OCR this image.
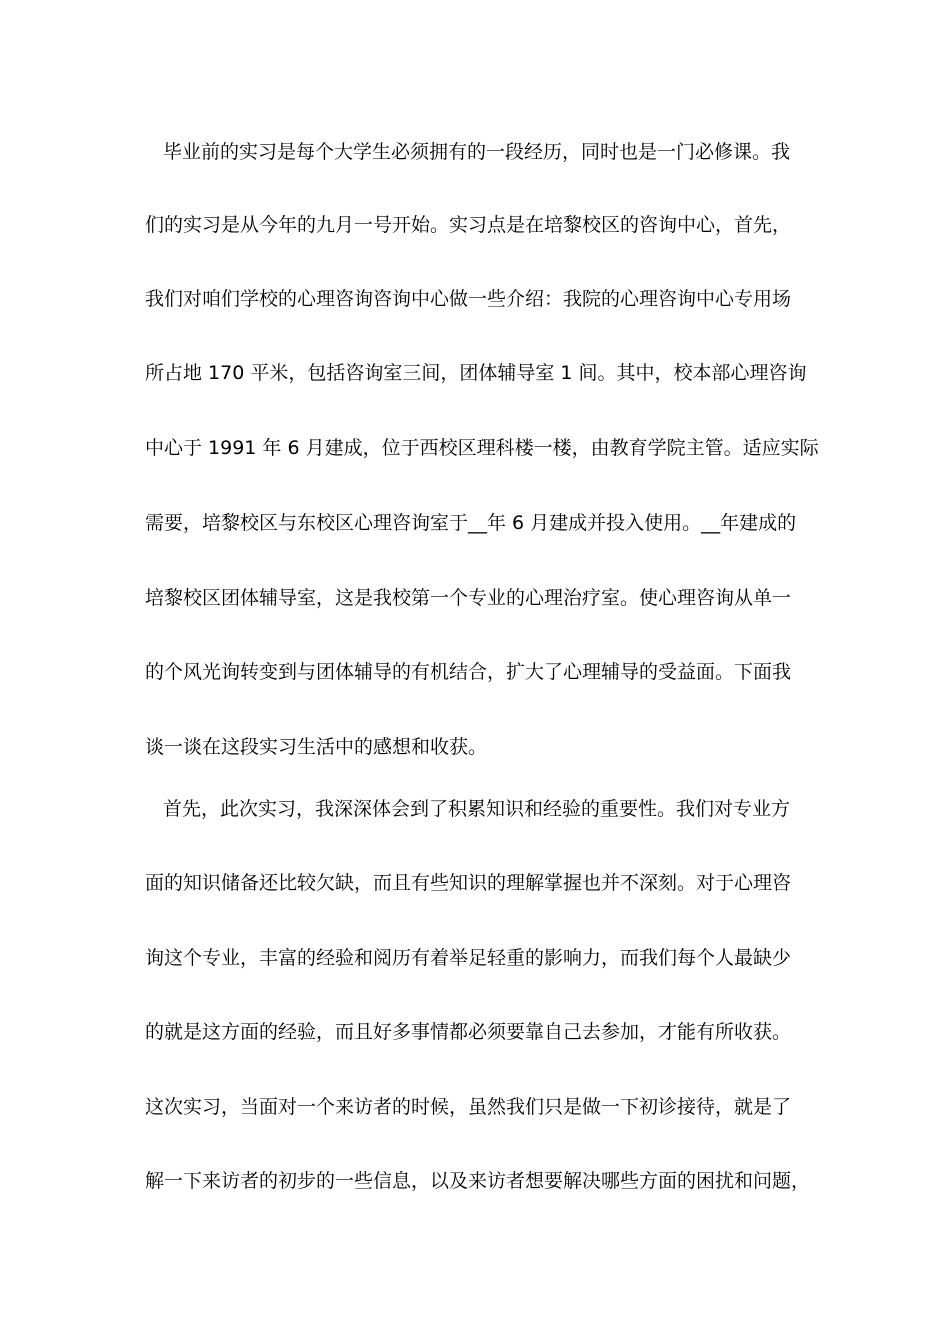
毕业前的实习是每个大学生必须拥有的一段经历，同时也是一门必修课。我
们的实习是从今年的九月一号开始。实习点是在培黎校区的咨询中心，首先，
我们对咱们学校的心理咨询咨询中心做一些介绍：我院的心理咨询中心专用场
所占地 170 平米，包括咨询室三间，团体辅导室 1 间。其中，校本部心理咨询
中心于 1991 年 6 月建成，位于西校区理科楼一楼，由教育学院主管。适应实际
需要，培黎校区与东校区心理咨询室于__年 6 月建成并投入使用。__年建成的
培黎校区团体辅导室，这是我校第一个专业的心理治疗室。使心理咨询从单一
的个风光询转变到与团体辅导的有机结合，扩大了心理辅导的受益面。下面我
谈一谈在这段实习生活中的感想和收获。
首先，此次实习，我深深体会到了积累知识和经验的重要性。我们对专业方
面的知识储备还比较欠缺，而且有些知识的理解掌握也并不深刻。对于心理咨
询这个专业，丰富的经验和阅历有着举足轻重的影响力，而我们每个人最缺少
的就是这方面的经验，而且好多事情都必须要靠自己去参加，才能有所收获。
这次实习，当面对一个来访者的时候，虽然我们只是做一下初诊接待，就是了
解一下来访者的初步的一些信息，以及来访者想要解决哪些方面的困扰和问题，
